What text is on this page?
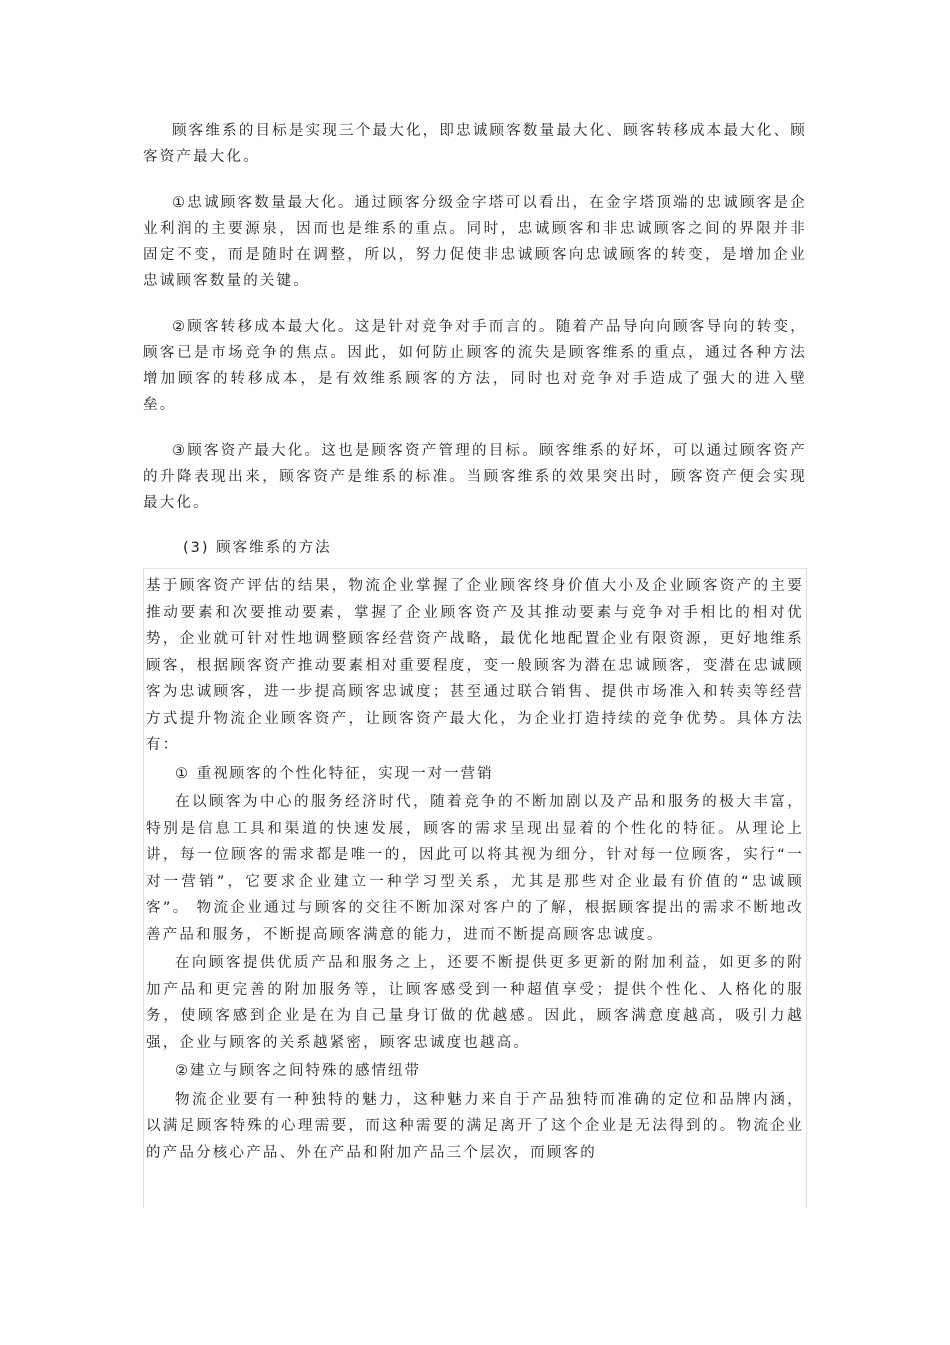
顾客维系的目标是实现三个最大化，即忠诚顾客数量最大化、顾客转移成本最大化、顾客资产最大化。

①忠诚顾客数量最大化。通过顾客分级金字塔可以看出，在金字塔顶端的忠诚顾客是企业利润的主要源泉，因而也是维系的重点。同时，忠诚顾客和非忠诚顾客之间的界限并非固定不变，而是随时在调整，所以，努力促使非忠诚顾客向忠诚顾客的转变，是增加企业忠诚顾客数量的关键。

②顾客转移成本最大化。这是针对竞争对手而言的。随着产品导向向顾客导向的转变，顾客已是市场竞争的焦点。因此，如何防止顾客的流失是顾客维系的重点，通过各种方法增加顾客的转移成本，是有效维系顾客的方法，同时也对竞争对手造成了强大的进入壁垒。

③顾客资产最大化。这也是顾客资产管理的目标。顾客维系的好坏，可以通过顾客资产的升降表现出来，顾客资产是维系的标准。当顾客维系的效果突出时，顾客资产便会实现最大化。

(3) 顾客维系的方法

基于顾客资产评估的结果，物流企业掌握了企业顾客终身价值大小及企业顾客资产的主要推动要素和次要推动要素，掌握了企业顾客资产及其推动要素与竞争对手相比的相对优势，企业就可针对性地调整顾客经营资产战略，最优化地配置企业有限资源，更好地维系顾客，根据顾客资产推动要素相对重要程度，变一般顾客为潜在忠诚顾客，变潜在忠诚顾客为忠诚顾客，进一步提高顾客忠诚度；甚至通过联合销售、提供市场准入和转卖等经营方式提升物流企业顾客资产，让顾客资产最大化，为企业打造持续的竞争优势。具体方法有：

① 重视顾客的个性化特征，实现一对一营销

在以顾客为中心的服务经济时代，随着竞争的不断加剧以及产品和服务的极大丰富，特别是信息工具和渠道的快速发展，顾客的需求呈现出显着的个性化的特征。从理论上讲，每一位顾客的需求都是唯一的，因此可以将其视为细分，针对每一位顾客，实行“一对一营销”，它要求企业建立一种学习型关系，尤其是那些对企业最有价值的“忠诚顾客”。 物流企业通过与顾客的交往不断加深对客户的了解，根据顾客提出的需求不断地改善产品和服务，不断提高顾客满意的能力，进而不断提高顾客忠诚度。

在向顾客提供优质产品和服务之上，还要不断提供更多更新的附加利益，如更多的附加产品和更完善的附加服务等，让顾客感受到一种超值享受；提供个性化、人格化的服务，使顾客感到企业是在为自己量身订做的优越感。因此，顾客满意度越高，吸引力越强，企业与顾客的关系越紧密，顾客忠诚度也越高。

②建立与顾客之间特殊的感情纽带

物流企业要有一种独特的魅力，这种魅力来自于产品独特而准确的定位和品牌内涵，以满足顾客特殊的心理需要，而这种需要的满足离开了这个企业是无法得到的。物流企业的产品分核心产品、外在产品和附加产品三个层次，而顾客的
